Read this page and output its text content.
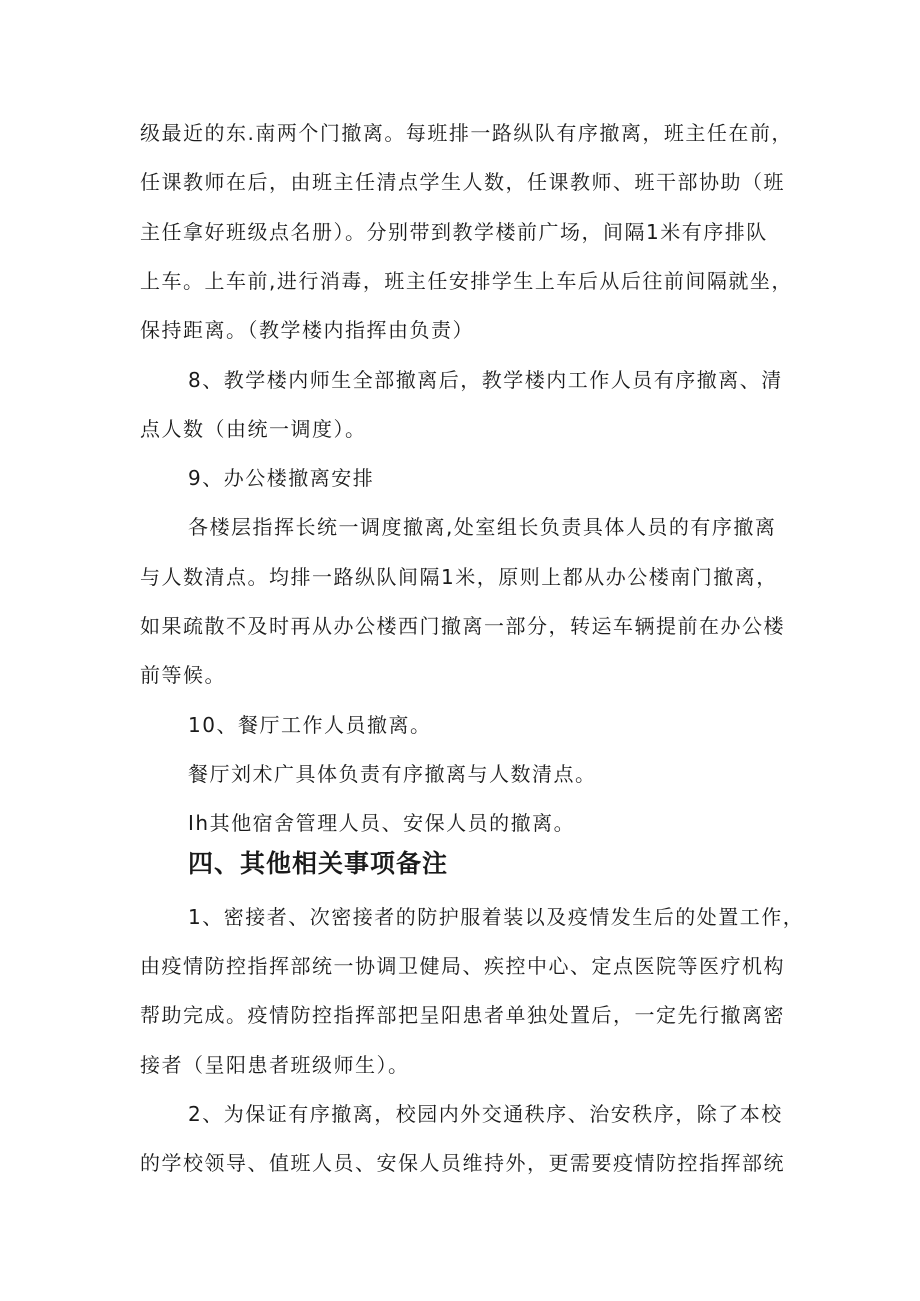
级最近的东.南两个门撤离。每班排一路纵队有序撤离，班主任在前，
任课教师在后，由班主任清点学生人数，任课教师、班干部协助（班
主任拿好班级点名册）。分别带到教学楼前广场，间隔1米有序排队
上车。上车前,进行消毒，班主任安排学生上车后从后往前间隔就坐，
保持距离。（教学楼内指挥由负责）
8、教学楼内师生全部撤离后，教学楼内工作人员有序撤离、清
点人数（由统一调度）。
9、办公楼撤离安排
各楼层指挥长统一调度撤离,处室组长负责具体人员的有序撤离
与人数清点。均排一路纵队间隔1米，原则上都从办公楼南门撤离，
如果疏散不及时再从办公楼西门撤离一部分，转运车辆提前在办公楼
前等候。
10、餐厅工作人员撤离。
餐厅刘术广具体负责有序撤离与人数清点。
Ih其他宿舍管理人员、安保人员的撤离。
四、其他相关事项备注
1、密接者、次密接者的防护服着装以及疫情发生后的处置工作，
由疫情防控指挥部统一协调卫健局、疾控中心、定点医院等医疗机构
帮助完成。疫情防控指挥部把呈阳患者单独处置后，一定先行撤离密
接者（呈阳患者班级师生）。
2、为保证有序撤离，校园内外交通秩序、治安秩序，除了本校
的学校领导、值班人员、安保人员维持外，更需要疫情防控指挥部统
